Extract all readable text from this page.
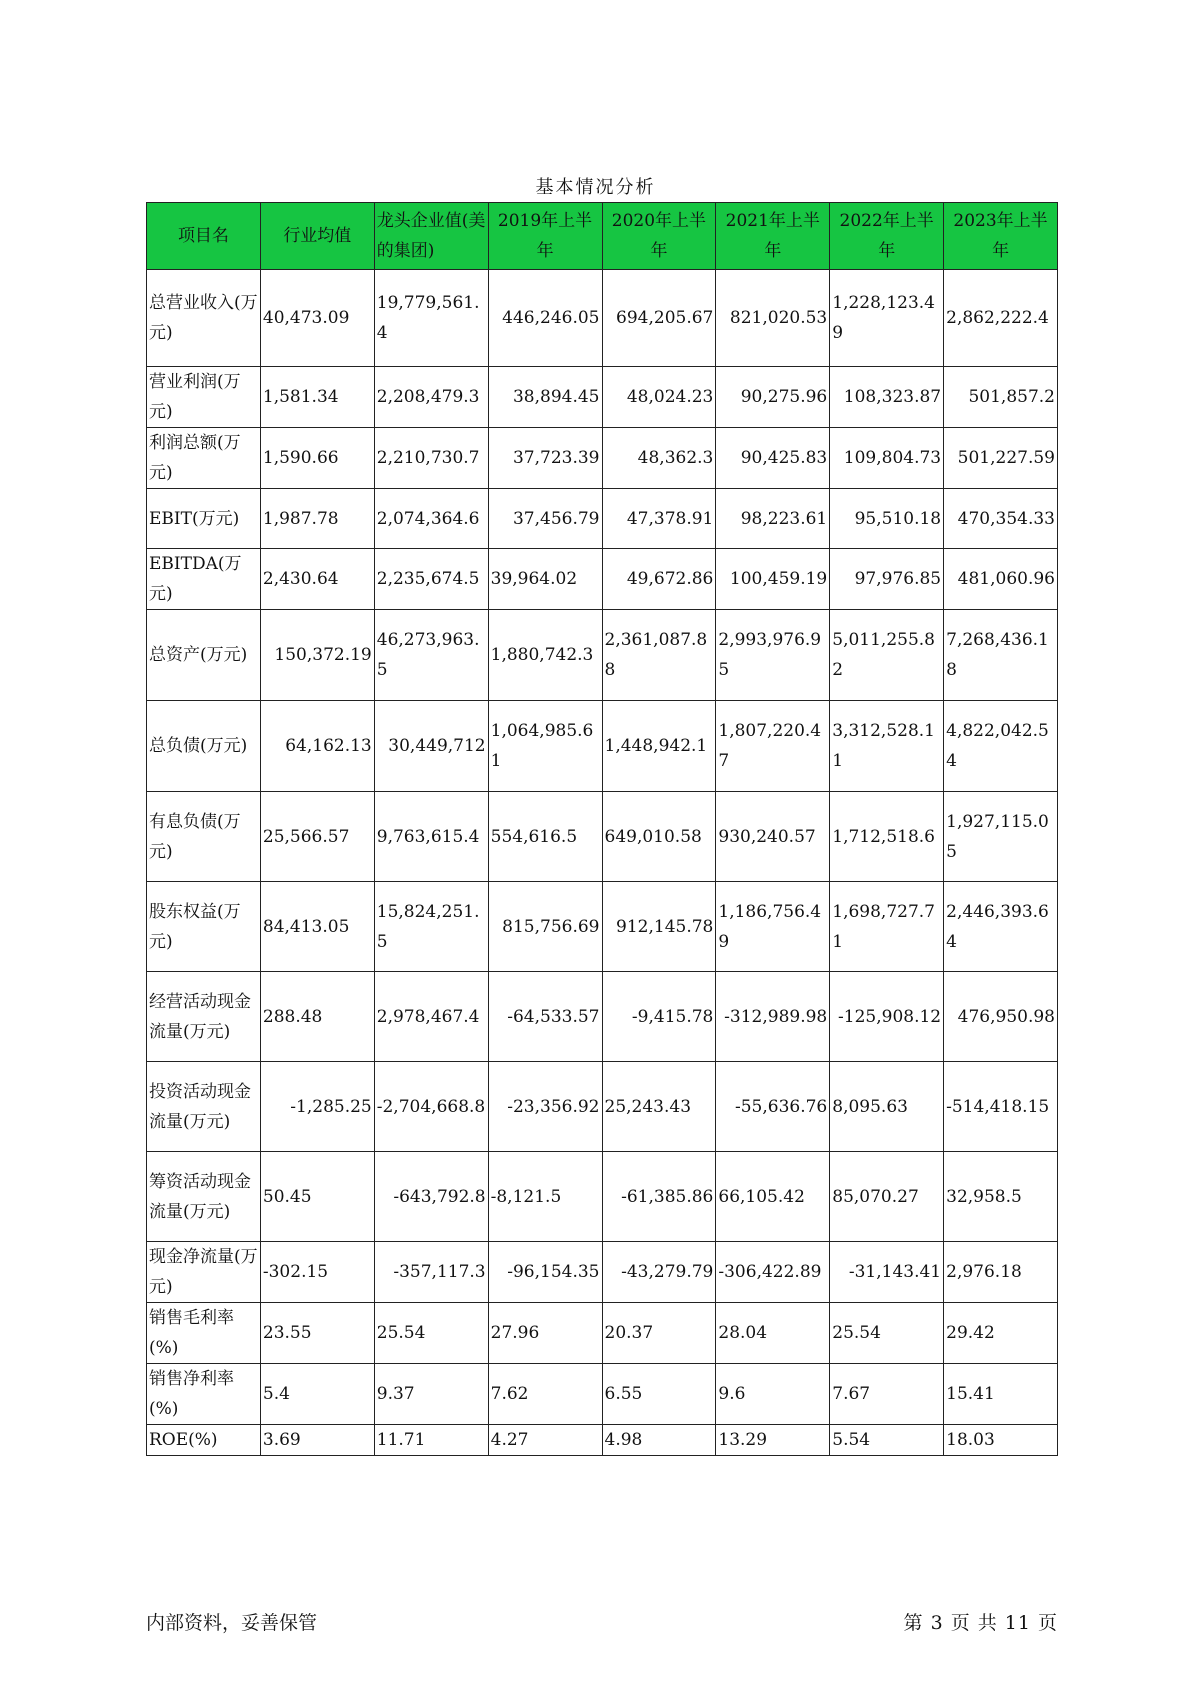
基本情况分析
项目名	行业均值	龙头企业值(美的集团)	2019年上半年	2020年上半年	2021年上半年	2022年上半年	2023年上半年
总营业收入(万元)	40,473.09	19,779,561.4	446,246.05	694,205.67	821,020.53	1,228,123.49	2,862,222.4
营业利润(万元)	1,581.34	2,208,479.3	38,894.45	48,024.23	90,275.96	108,323.87	501,857.2
利润总额(万元)	1,590.66	2,210,730.7	37,723.39	48,362.3	90,425.83	109,804.73	501,227.59
EBIT(万元)	1,987.78	2,074,364.6	37,456.79	47,378.91	98,223.61	95,510.18	470,354.33
EBITDA(万元)	2,430.64	2,235,674.5	39,964.02	49,672.86	100,459.19	97,976.85	481,060.96
总资产(万元)	150,372.19	46,273,963.5	1,880,742.3	2,361,087.88	2,993,976.95	5,011,255.82	7,268,436.18
总负债(万元)	64,162.13	30,449,712	1,064,985.61	1,448,942.1	1,807,220.47	3,312,528.11	4,822,042.54
有息负债(万元)	25,566.57	9,763,615.4	554,616.5	649,010.58	930,240.57	1,712,518.6	1,927,115.05
股东权益(万元)	84,413.05	15,824,251.5	815,756.69	912,145.78	1,186,756.49	1,698,727.71	2,446,393.64
经营活动现金流量(万元)	288.48	2,978,467.4	-64,533.57	-9,415.78	-312,989.98	-125,908.12	476,950.98
投资活动现金流量(万元)	-1,285.25	-2,704,668.8	-23,356.92	25,243.43	-55,636.76	8,095.63	-514,418.15
筹资活动现金流量(万元)	50.45	-643,792.8	-8,121.5	-61,385.86	66,105.42	85,070.27	32,958.5
现金净流量(万元)	-302.15	-357,117.3	-96,154.35	-43,279.79	-306,422.89	-31,143.41	2,976.18
销售毛利率(%)	23.55	25.54	27.96	20.37	28.04	25.54	29.42
销售净利率(%)	5.4	9.37	7.62	6.55	9.6	7.67	15.41
ROE(%)	3.69	11.71	4.27	4.98	13.29	5.54	18.03
内部资料，妥善保管	第 3 页 共 11 页
